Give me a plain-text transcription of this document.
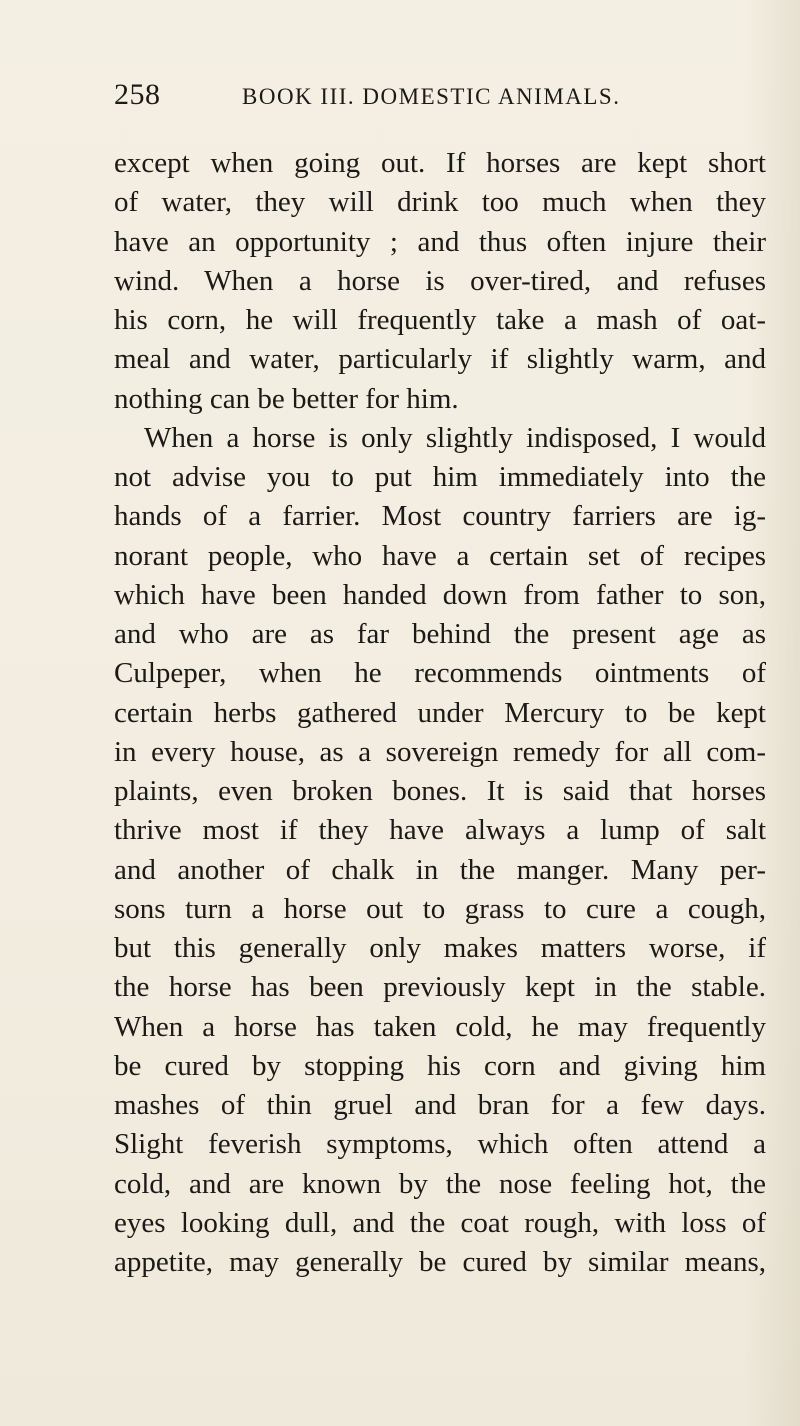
258	BOOK III. DOMESTIC ANIMALS.
except when going out. If horses are kept short
of water, they will drink too much when they
have an opportunity ; and thus often injure their
wind. When a horse is over-tired, and refuses
his corn, he will frequently take a mash of oat-
meal and water, particularly if slightly warm, and
nothing can be better for him.
When a horse is only slightly indisposed, I would
not advise you to put him immediately into the
hands of a farrier. Most country farriers are ig-
norant people, who have a certain set of recipes
which have been handed down from father to son,
and who are as far behind the present age as
Culpeper, when he recommends ointments of
certain herbs gathered under Mercury to be kept
in every house, as a sovereign remedy for all com-
plaints, even broken bones. It is said that horses
thrive most if they have always a lump of salt
and another of chalk in the manger. Many per-
sons turn a horse out to grass to cure a cough,
but this generally only makes matters worse, if
the horse has been previously kept in the stable.
When a horse has taken cold, he may frequently
be cured by stopping his corn and giving him
mashes of thin gruel and bran for a few days.
Slight feverish symptoms, which often attend a
cold, and are known by the nose feeling hot, the
eyes looking dull, and the coat rough, with loss of
appetite, may generally be cured by similar means,
